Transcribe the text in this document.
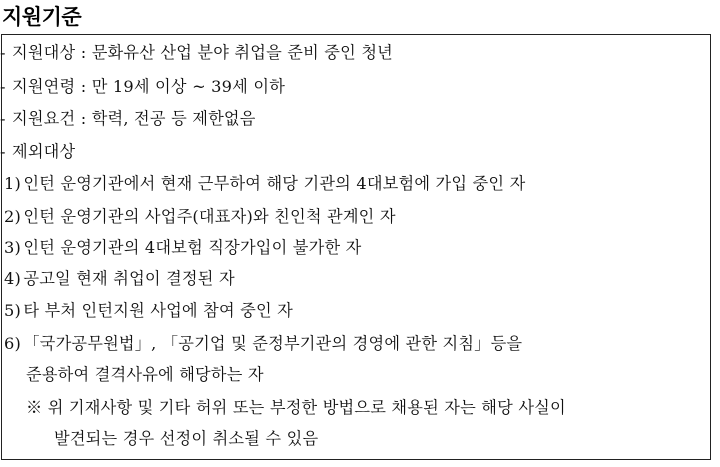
지원기준
- 지원대상 : 문화유산 산업 분야 취업을 준비 중인 청년
- 지원연령 : 만 19세 이상 ~ 39세 이하
- 지원요건 : 학력, 전공 등 제한없음
- 제외대상
1) 인턴 운영기관에서 현재 근무하여 해당 기관의 4대보험에 가입 중인 자
2) 인턴 운영기관의 사업주(대표자)와 친인척 관계인 자
3) 인턴 운영기관의 4대보험 직장가입이 불가한 자
4) 공고일 현재 취업이 결정된 자
5) 타 부처 인턴지원 사업에 참여 중인 자
6) 「국가공무원법」, 「공기업 및 준정부기관의 경영에 관한 지침」등을
준용하여 결격사유에 해당하는 자
※ 위 기재사항 및 기타 허위 또는 부정한 방법으로 채용된 자는 해당 사실이
발견되는 경우 선정이 취소될 수 있음
